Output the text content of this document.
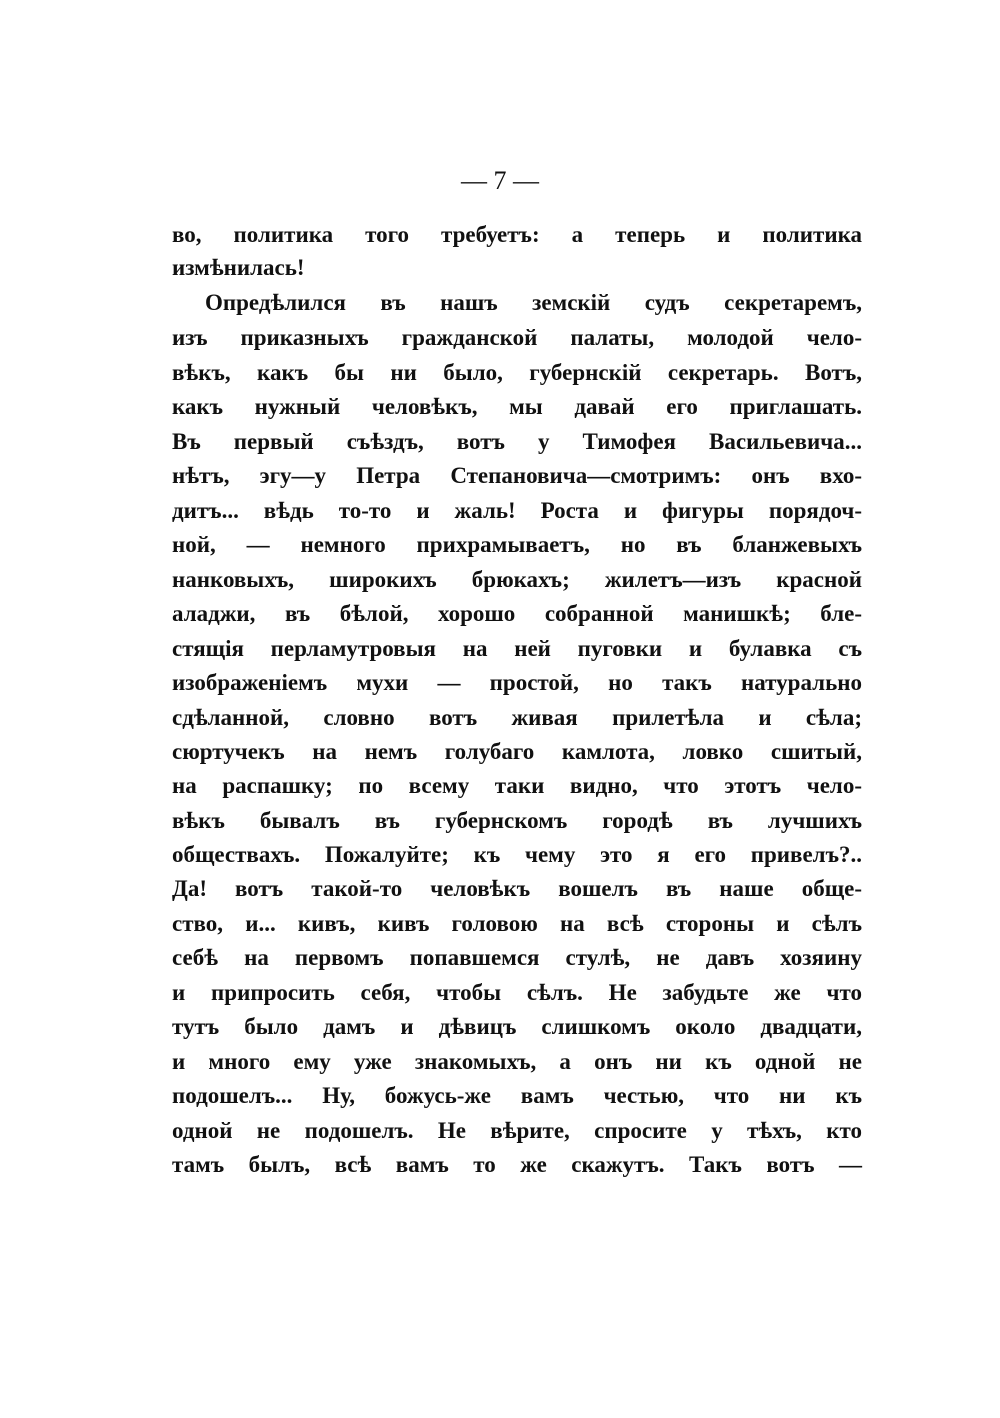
— 7 —
во, политика того требуетъ: а теперь и политика
измѣнилась!
Опредѣлился въ нашъ земскій судъ секретаремъ,
изъ приказныхъ гражданской палаты, молодой чело-
вѣкъ, какъ бы ни было, губернскій секретарь. Вотъ,
какъ нужный человѣкъ, мы давай его приглашать.
Въ первый съѣздъ, вотъ у Тимофея Васильевича...
нѣтъ, эгу—у Петра Степановича—смотримъ: онъ вхо-
дитъ... вѣдь то-то и жаль! Роста и фигуры порядоч-
ной, — немного прихрамываетъ, но въ бланжевыхъ
нанковыхъ, широкихъ брюкахъ; жилетъ—изъ красной
аладжи, въ бѣлой, хорошо собранной манишкѣ; бле-
стящія перламутровыя на ней пуговки и булавка съ
изображеніемъ мухи — простой, но такъ натурально
сдѣланной, словно вотъ живая прилетѣла и сѣла;
сюртучекъ на немъ голубаго камлота, ловко сшитый,
на распашку; по всему таки видно, что этотъ чело-
вѣкъ бывалъ въ губернскомъ городѣ въ лучшихъ
обществахъ. Пожалуйте; къ чему это я его привелъ?..
Да! вотъ такой-то человѣкъ вошелъ въ наше обще-
ство, и... кивъ, кивъ головою на всѣ стороны и сѣлъ
себѣ на первомъ попавшемся стулѣ, не давъ хозяину
и припросить себя, чтобы сѣлъ. Не забудьте же что
тутъ было дамъ и дѣвицъ слишкомъ около двадцати,
и много ему уже знакомыхъ, а онъ ни къ одной не
подошелъ... Ну, божусь-же вамъ честью, что ни къ
одной не подошелъ. Не вѣрите, спросите у тѣхъ, кто
тамъ былъ, всѣ вамъ то же скажутъ. Такъ вотъ —
